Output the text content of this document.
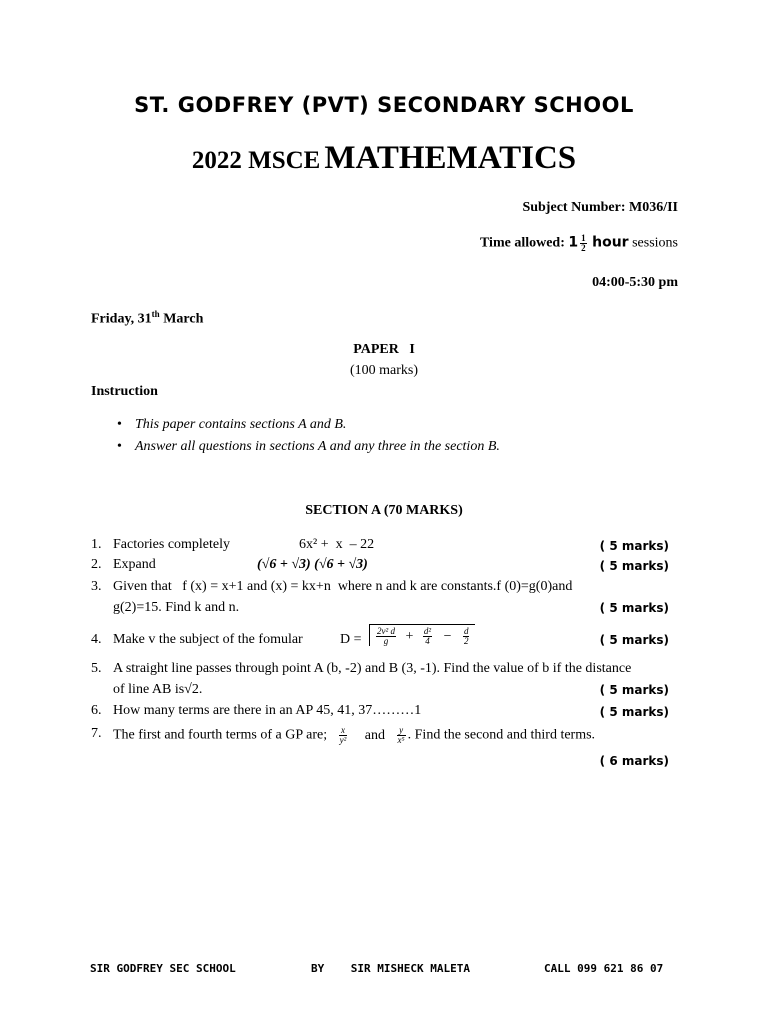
ST. GODFREY (PVT) SECONDARY SCHOOL
2022 MSCE MATHEMATICS
Subject Number: M036/II
Time allowed: $1 \frac{1}{2}$ hour sessions
04:00-5:30 pm
Friday, 31th March
PAPER   I
(100 marks)
Instruction
• This paper contains sections A and B.
• Answer all questions in sections A and any three in the section B.
SECTION A (70 MARKS)
1. Factories completely	6x² +  x  – 22	( 5 marks)
2. Expand	(√6 + √3) (√6 + √3)	( 5 marks)
3. Given that   f (x) = x+1 and (x) = kx+n  where n and k are constants.f (0)=g(0)and
g(2)=15. Find k and n.	( 5 marks)
4. Make v the subject of the fomular	$D = \frac{\text{2v² d}}{g} + \frac{\text{d²}}{4} - \frac{d}{2}$	( 5 marks)
5. A straight line passes through point A (b, -2) and B (3, -1). Find the value of b if the distance
of line AB is√2.	( 5 marks)
6. How many terms are there in an AP 45, 41, 37………1	( 5 marks)
7. The first and fourth terms of a GP are; $\frac{x}{\text{y²}}$ and $\frac{y}{\text{x⁵}}$ . Find the second and third terms.
( 6 marks)
SIR GODFREY SEC SCHOOL	BY    SIR MISHECK MALETA	CALL 099 621 86 07
